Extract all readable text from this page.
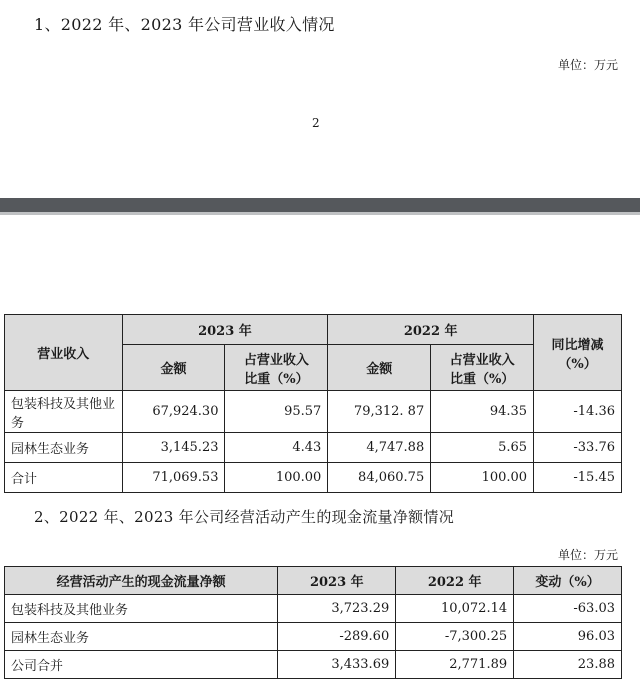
1、2022 年、2023 年公司营业收入情况
单位：万元
2
营业收入	2023 年		2022 年		同比增减（%）
	金额	占营业收入比重（%）	金额	占营业收入比重（%）	
包装科技及其他业务	67,924.30	95.57	79,312. 87	94.35	-14.36
园林生态业务	3,145.23	4.43	4,747.88	5.65	-33.76
合计	71,069.53	100.00	84,060.75	100.00	-15.45
2、2022 年、2023 年公司经营活动产生的现金流量净额情况
单位：万元
经营活动产生的现金流量净额	2023 年	2022 年	变动（%）
包装科技及其他业务	3,723.29	10,072.14	-63.03
园林生态业务	-289.60	-7,300.25	96.03
公司合并	3,433.69	2,771.89	23.88
